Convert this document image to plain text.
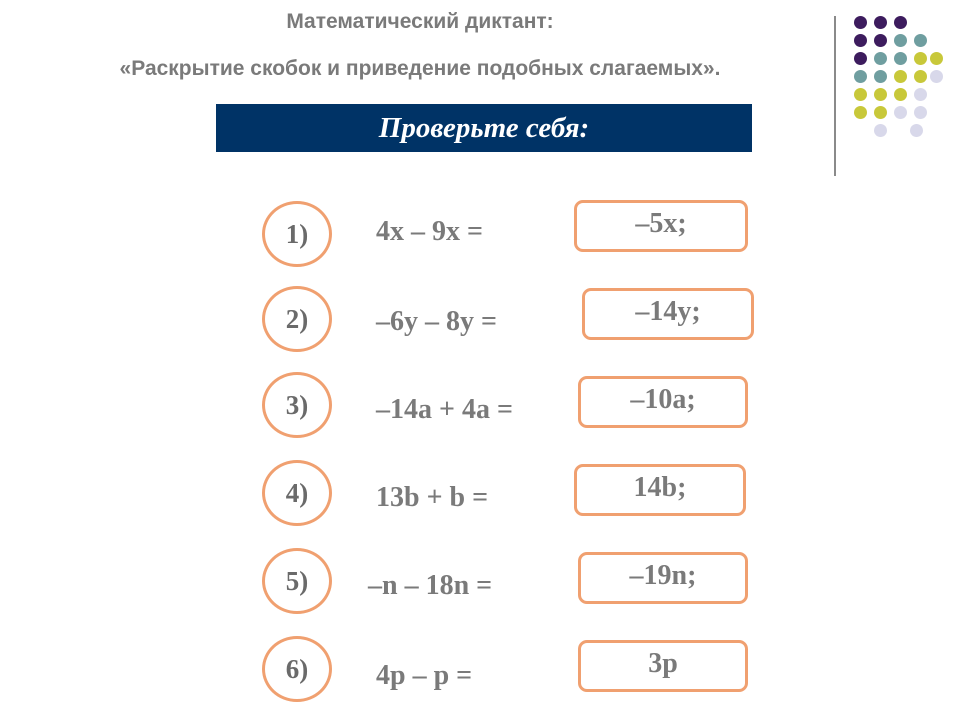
Математический диктант:
«Раскрытие скобок и приведение подобных слагаемых».
Проверьте себя:
1)	4x – 9x =	–5x;
2)	–6y – 8y =	–14y;
3)	–14a + 4a =	–10a;
4)	13b + b =	14b;
5)	–n – 18n =	–19n;
6)	4p – p =	3p
